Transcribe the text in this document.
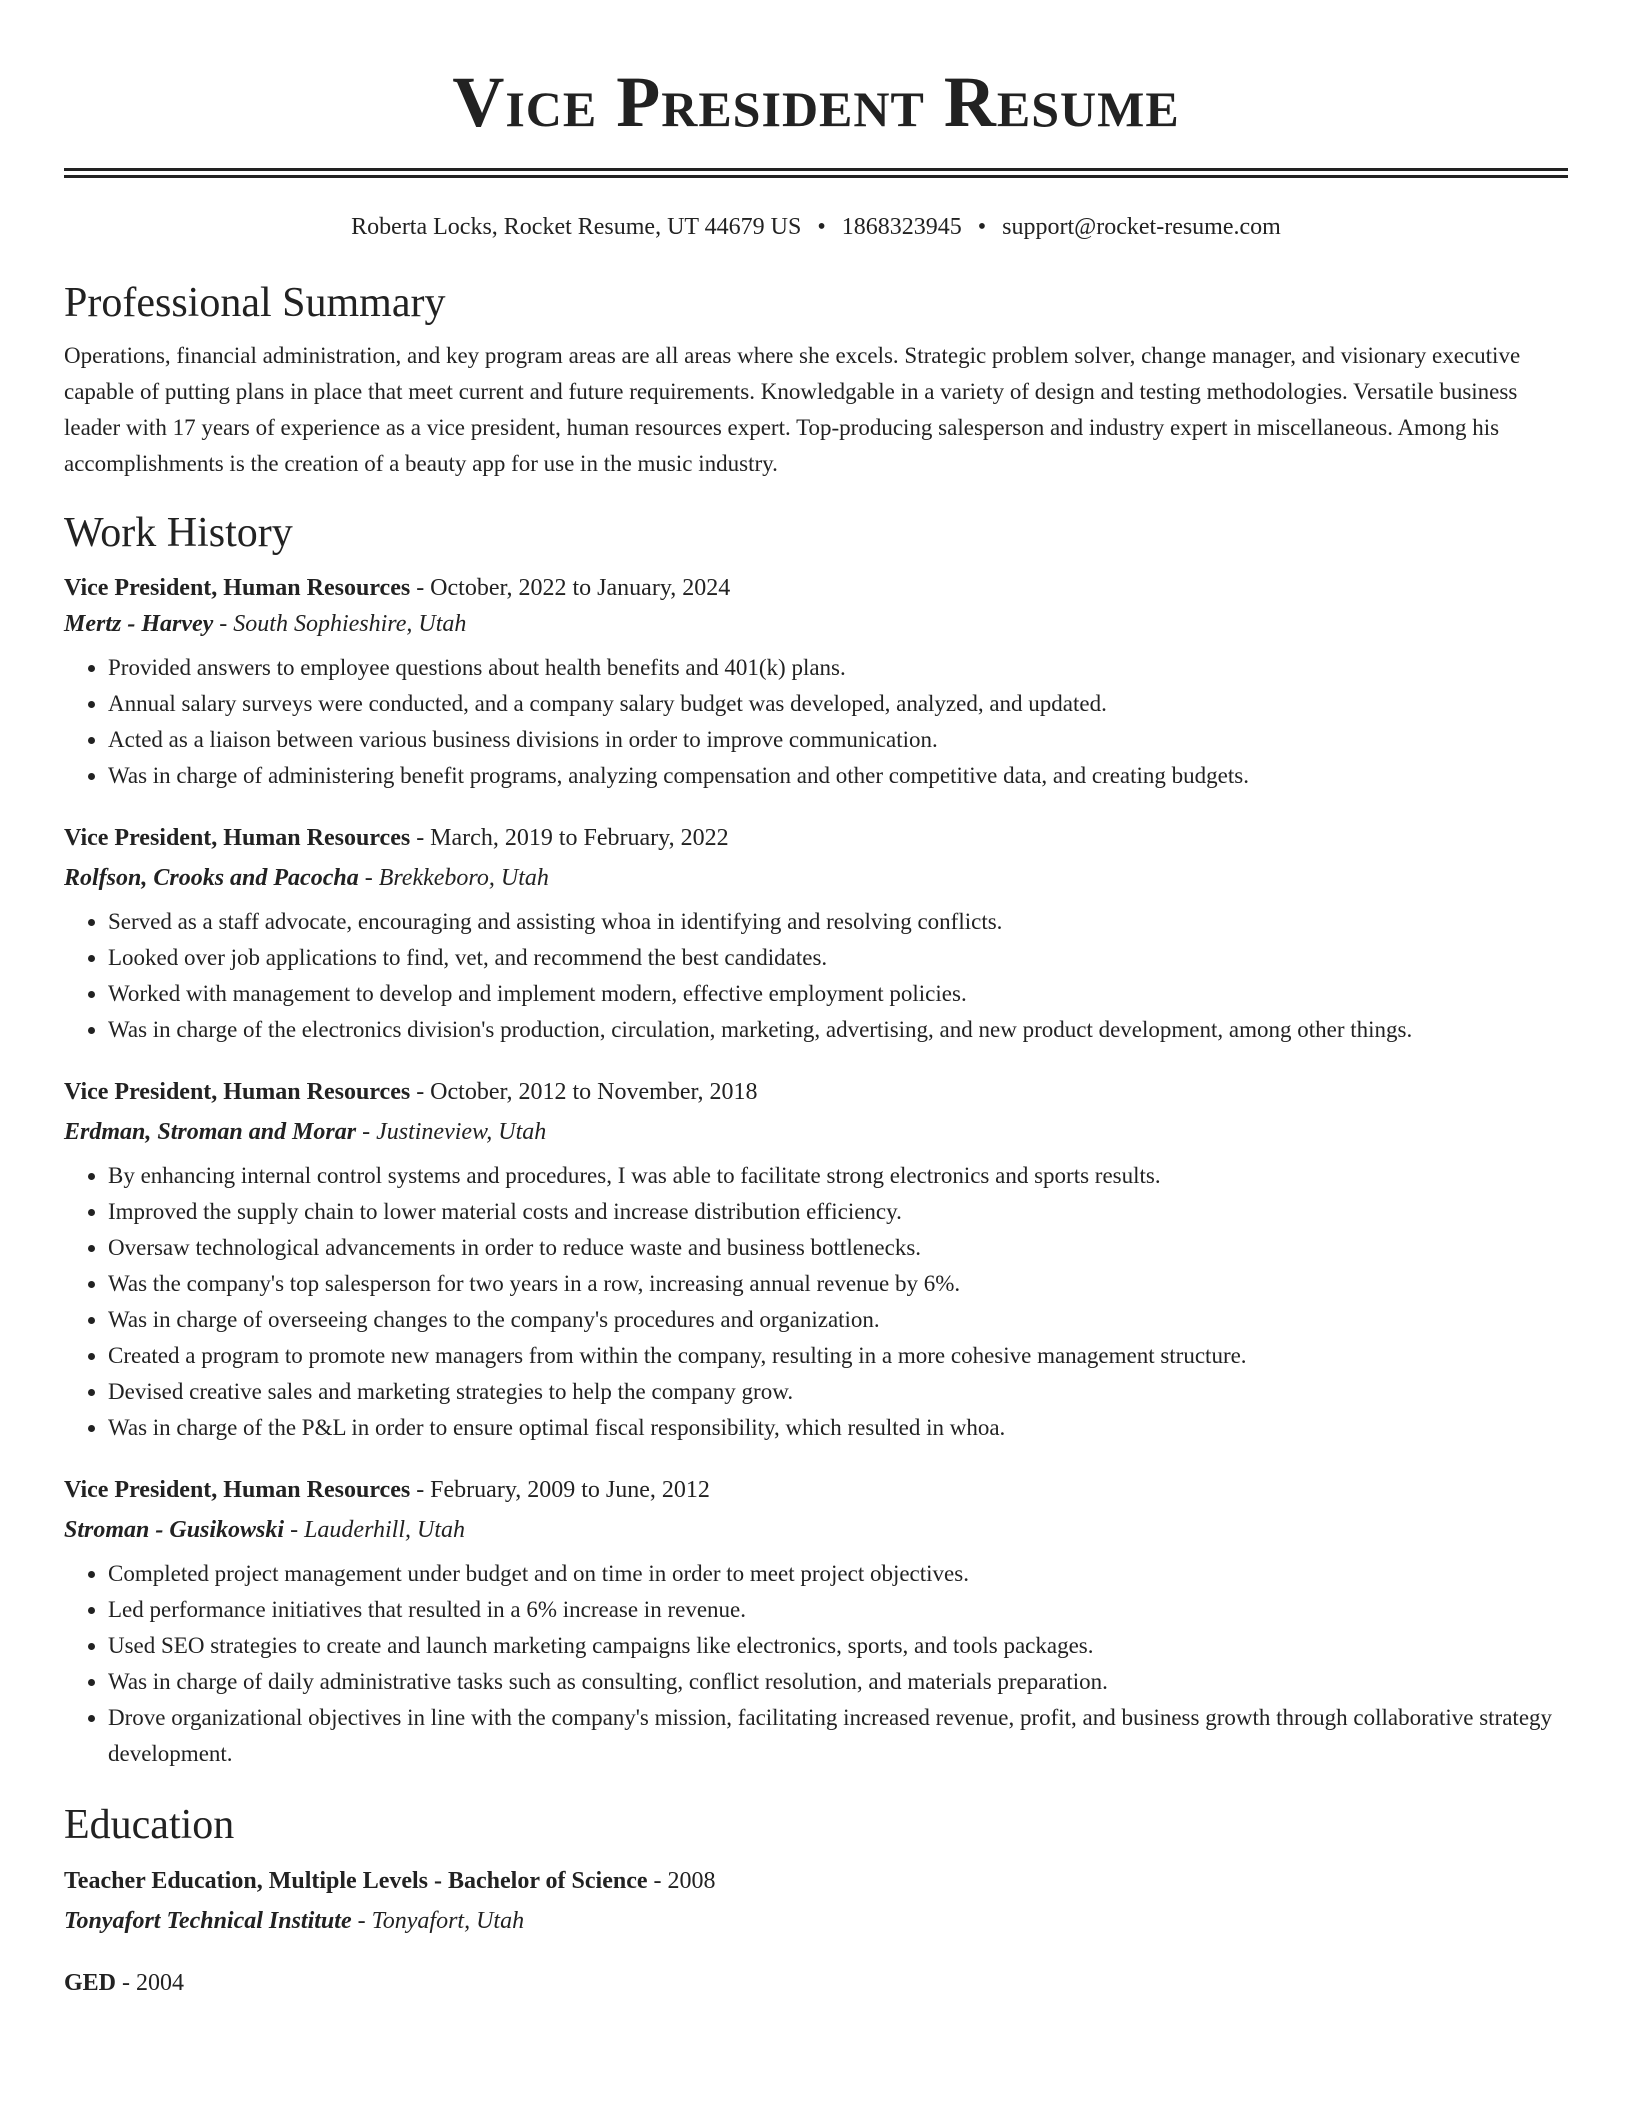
Vice President Resume
Roberta Locks, Rocket Resume, UT 44679 US • 1868323945 • support@rocket-resume.com
Professional Summary

Operations, financial administration, and key program areas are all areas where she excels. Strategic problem solver, change manager, and visionary executive capable of putting plans in place that meet current and future requirements. Knowledgable in a variety of design and testing methodologies. Versatile business leader with 17 years of experience as a vice president, human resources expert. Top-producing salesperson and industry expert in miscellaneous. Among his accomplishments is the creation of a beauty app for use in the music industry.

Work History

Vice President, Human Resources - October, 2022 to January, 2024

Mertz - Harvey - South Sophieshire, Utah

• Provided answers to employee questions about health benefits and 401(k) plans.
• Annual salary surveys were conducted, and a company salary budget was developed, analyzed, and updated.
• Acted as a liaison between various business divisions in order to improve communication.
• Was in charge of administering benefit programs, analyzing compensation and other competitive data, and creating budgets.

Vice President, Human Resources - March, 2019 to February, 2022

Rolfson, Crooks and Pacocha - Brekkeboro, Utah

• Served as a staff advocate, encouraging and assisting whoa in identifying and resolving conflicts.
• Looked over job applications to find, vet, and recommend the best candidates.
• Worked with management to develop and implement modern, effective employment policies.
• Was in charge of the electronics division's production, circulation, marketing, advertising, and new product development, among other things.

Vice President, Human Resources - October, 2012 to November, 2018

Erdman, Stroman and Morar - Justineview, Utah

• By enhancing internal control systems and procedures, I was able to facilitate strong electronics and sports results.
• Improved the supply chain to lower material costs and increase distribution efficiency.
• Oversaw technological advancements in order to reduce waste and business bottlenecks.
• Was the company's top salesperson for two years in a row, increasing annual revenue by 6%.
• Was in charge of overseeing changes to the company's procedures and organization.
• Created a program to promote new managers from within the company, resulting in a more cohesive management structure.
• Devised creative sales and marketing strategies to help the company grow.
• Was in charge of the P&L in order to ensure optimal fiscal responsibility, which resulted in whoa.

Vice President, Human Resources - February, 2009 to June, 2012

Stroman - Gusikowski - Lauderhill, Utah

• Completed project management under budget and on time in order to meet project objectives.
• Led performance initiatives that resulted in a 6% increase in revenue.
• Used SEO strategies to create and launch marketing campaigns like electronics, sports, and tools packages.
• Was in charge of daily administrative tasks such as consulting, conflict resolution, and materials preparation.
• Drove organizational objectives in line with the company's mission, facilitating increased revenue, profit, and business growth through collaborative strategy development.
Education

Teacher Education, Multiple Levels - Bachelor of Science - 2008

Tonyafort Technical Institute - Tonyafort, Utah

GED - 2004
